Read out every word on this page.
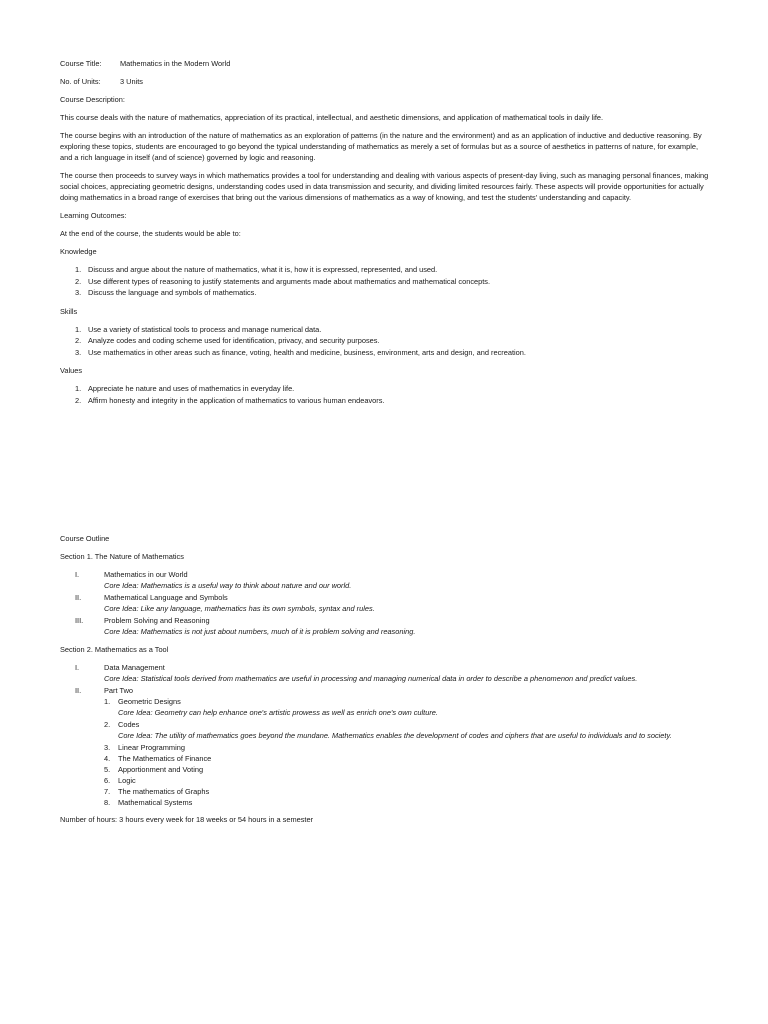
Course Title:	Mathematics in the Modern World
No. of Units:	3 Units

Course Description:

This course deals with the nature of mathematics, appreciation of its practical, intellectual, and aesthetic dimensions, and application of mathematical tools in daily life.

The course begins with an introduction of the nature of mathematics as an exploration of patterns (in the nature and the environment) and as an application of inductive and deductive reasoning. By exploring these topics, students are encouraged to go beyond the typical understanding of mathematics as merely a set of formulas but as a source of aesthetics in patterns of nature, for example, and a rich language in itself (and of science) governed by logic and reasoning.

The course then proceeds to survey ways in which mathematics provides a tool for understanding and dealing with various aspects of present-day living, such as managing personal finances, making social choices, appreciating geometric designs, understanding codes used in data transmission and security, and dividing limited resources fairly. These aspects will provide opportunities for actually doing mathematics in a broad range of exercises that bring out the various dimensions of mathematics as a way of knowing, and test the students' understanding and capacity.

Learning Outcomes:

At the end of the course, the students would be able to:

Knowledge

1. Discuss and argue about the nature of mathematics, what it is, how it is expressed, represented, and used.
2. Use different types of reasoning to justify statements and arguments made about mathematics and mathematical concepts.
3. Discuss the language and symbols of mathematics.

Skills

1. Use a variety of statistical tools to process and manage numerical data.
2. Analyze codes and coding scheme used for identification, privacy, and security purposes.
3. Use mathematics in other areas such as finance, voting, health and medicine, business, environment, arts and design, and recreation.

Values

1. Appreciate he nature and uses of mathematics in everyday life.
2. Affirm honesty and integrity in the application of mathematics to various human endeavors.

Course Outline

Section 1. The Nature of Mathematics

I.	Mathematics in our World
Core Idea: Mathematics is a useful way to think about nature and our world.
II.	Mathematical Language and Symbols
Core Idea: Like any language, mathematics has its own symbols, syntax and rules.
III.	Problem Solving and Reasoning
Core Idea: Mathematics is not just about numbers, much of it is problem solving and reasoning.

Section 2. Mathematics as a Tool

I.	Data Management
Core Idea: Statistical tools derived from mathematics are useful in processing and managing numerical data in order to describe a phenomenon and predict values.
II.	Part Two
1.	Geometric Designs
Core Idea: Geometry can help enhance one's artistic prowess as well as enrich one's own culture.
2.	Codes
Core Idea: The utility of mathematics goes beyond the mundane. Mathematics enables the development of codes and ciphers that are useful to individuals and to society.
3.	Linear Programming
4.	The Mathematics of Finance
5.	Apportionment and Voting
6.	Logic
7.	The mathematics of Graphs
8.	Mathematical Systems

Number of hours: 3 hours every week for 18 weeks or 54 hours in a semester
